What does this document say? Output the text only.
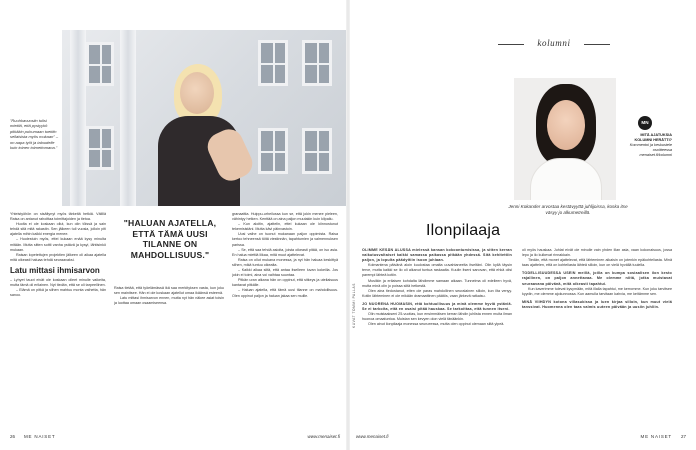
"Ruuhkavuosiin tulisi miettiä, että pystyykö pitkäkin puhumaan tuettiin sellaisista myös mukaan" – on aapa työt ja taloudelle kuin toinen toimettomana."

Yhteistyöhön on sisältynyt myös tärkeitä hetkiä. Välillä Raisa on antanut rahoittaa toimittajoiden ja tietoa.

Huolta ei ole koskaan ollut, kun olin töissä ja sain tehdä sitä mitä rakastin. Sen jälkeen tuli vuosia, jolloin piti ajatella mihin kaikki energia menee.

– Huolestuin myös, ettei kukaan enää kysy minulta mitään. Mutta sitten soitti vanha ystävä ja kysyi, lähtisinkö mukaan.

Raisan lopetettujen projektien jälkeen oli aikaa ajatella mitä oikeasti haluaa tehdä seuraavaksi.

Latu mittasi ihmisarvon

– Lyhyet tauot eivät ole koskaan olleet minulle vaikeita, mutta tämä oli erilainen. Nyt tiedän, että se oli tarpeellinen.

– Elämä on pitkä ja siihen mahtuu monta vaihetta, hän sanoo.

"HALUAN AJATELLA, ETTÄ TÄMÄ UUSI TILANNE ON MAHDOLLISUUS."

Raisa tietää, että työelämässä ikä saa merkityksen vasta, kun joku sen mainitsee. Hän ei ole koskaan ajatellut omaa ikäänsä esteenä.

Latu mittasi ihmisarvon ennen, mutta nyt hän näkee asiat toisin ja luottaa omaan osaamiseensa.

granaattia. Huippu-urheilussa kun se, että jokin menee pieleen, vähintyy hetken. Kenttää on aina paljon muutakin kuin kilpailu.

– Kun aloitin, ajattelin, ettei kukaan ole kiinnostunut tekemisistäni. Mutta kävi päinvastoin.

Uusi vaihe on tuonut mukanaan paljon oppimista. Raisa kertoo tehneensä töitä viestinnän, tapahtumien ja valmennuksen parissa.

– Se, että saa tehdä asioita, joista oikeasti pitää, on iso asia. En halua miettiä liikaa, mitä muut ajattelevat.

Raisa on ollut mukana monessa, ja nyt hän haluaa keskittyä siihen, mikä tuntuu oikealta.

– Kaikki alkaa siitä, että antaa itselleen luvan kokeilla. Jos jokin ei toimi, aina voi vaihtaa suuntaa.

Pitkän uran aikana hän on oppinut, että sitkeys ja uteliaisuus kantavat pitkälle.

– Haluan ajatella, että tämä uusi tilanne on mahdollisuus. Olen oppinut paljon ja haluan jakaa sen muille.

26 ME NAISET	www.menaiset.fi
kolumni
MN
MITÄ AJATUKSIA KOLUMNI HERÄTTI?
Kommentoi ja keskustele osoitteessa menaiset.fi/kolumni
Jenni Kokander arvostaa kestävyyttä juhlijoissa, koska itse väsyy jo alkumetreillä.
Ilonpilaaja
KUVAT TOMMI PALLAS

OLIMME KESÄN ALUSSA mielessä kansan kokoontumisissa, ja sitten kerran vaikutusvaltaiset kaikki samassa paikassa pitkään yhdessä. Sitä kehitettiin paljon, ja lopulta päädyttiin isoon juhlaan.

Kolmantena päivänä aloin kuulostaa omalta uuvahtaneelta itseltäni. Olin kyllä täysin terve, mutta kaikki se ilo oli alkanut tuntua raskaalta. Kuulin itseni sanovan, että ehkä olisi parempi lähteä kotiin.

Musiikin ja erilaisen kohdalta lähdimme samaan aikaan. Tunnelma oli edelleen hyvä, mutta minä olin jo poissa siitä hetkestä.

Olen aina tiedostanut, etten ole paras mahdollinen seuralainen silloin, kun ilta venyy. Kotiin lähteminen ei ole mikään dramaattinen päätös, vaan järkevä ratkaisu.

JO NUORENA HUOMASIN, että kohtuullisuus ja minä olemme hyviä ystäviä. Se ei tarkoita, että en osaisi pitää hauskaa. Se tarkoittaa, että tunnen itseni.

Olin muistaakseni 25-vuotias, kun ensimmäisen kerran lähdin juhlista ennen muita ilman huonoa omaatuntoa. Muistan sen kevyen olon vielä tänäänkin.

Olen ainut ilonpilaaja monessa seurueessa, mutta olen oppinut olemaan siitä ylpeä.

oli myös hauskaa. Juhlat eivät ole minulle vain yhden illan asia, vaan kokonaisuus, jossa lepo ja ilo kulkevat rinnakkain.

Tiedän, että monet ajattelevat, että lähteminen aikaisin on jotenkin epäkohteliasta. Minä taas ajattelen, että on kohteliasta lähteä silloin, kun on vielä hyvällä tuulella.

TODELLISUUDESSA USEIN meillä, joilla on kumpa sosiaalisen ilon kesto rajallinen, on paljon annettavaa. Me olemme niitä, jotka muistavat seuraavana päivänä, mitä oikeasti tapahtui.

Kun kaverimme tulevat kysymään, mitä illalla tapahtui, me kerromme. Kun joku tarvitsee kyydin, me olemme ajokunnossa. Kun aamulla tarvitaan kahvia, me keitämme sen.

MINÄ VIIHDYN kotona villasukissa ja luen kirjaa silloin, kun muut vielä tanssivat. Huomenna olen taas valmis uuteen päivään ja uusiin juhliin.

www.menaiset.fi	ME NAISET 27
